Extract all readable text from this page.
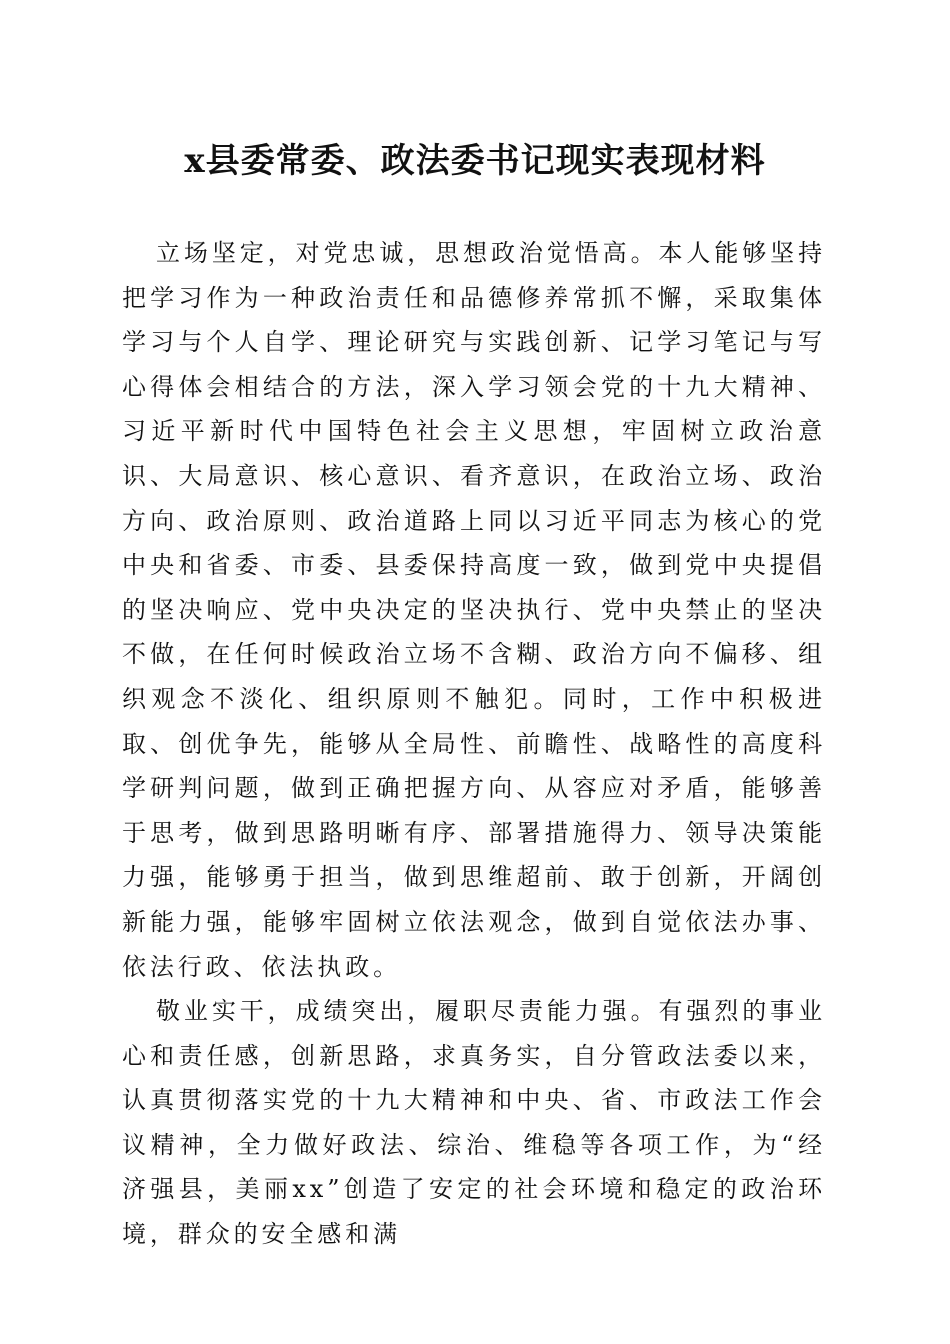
x县委常委、政法委书记现实表现材料

立场坚定，对党忠诚，思想政治觉悟高。本人能够坚持把学习作为一种政治责任和品德修养常抓不懈，采取集体学习与个人自学、理论研究与实践创新、记学习笔记与写心得体会相结合的方法，深入学习领会党的十九大精神、习近平新时代中国特色社会主义思想，牢固树立政治意识、大局意识、核心意识、看齐意识，在政治立场、政治方向、政治原则、政治道路上同以习近平同志为核心的党中央和省委、市委、县委保持高度一致，做到党中央提倡的坚决响应、党中央决定的坚决执行、党中央禁止的坚决不做，在任何时候政治立场不含糊、政治方向不偏移、组织观念不淡化、组织原则不触犯。同时，工作中积极进取、创优争先，能够从全局性、前瞻性、战略性的高度科学研判问题，做到正确把握方向、从容应对矛盾，能够善于思考，做到思路明晰有序、部署措施得力、领导决策能力强，能够勇于担当，做到思维超前、敢于创新，开阔创新能力强，能够牢固树立依法观念，做到自觉依法办事、依法行政、依法执政。

敬业实干，成绩突出，履职尽责能力强。有强烈的事业心和责任感，创新思路，求真务实，自分管政法委以来，认真贯彻落实党的十九大精神和中央、省、市政法工作会议精神，全力做好政法、综治、维稳等各项工作，为“经济强县，美丽xx”创造了安定的社会环境和稳定的政治环境，群众的安全感和满
